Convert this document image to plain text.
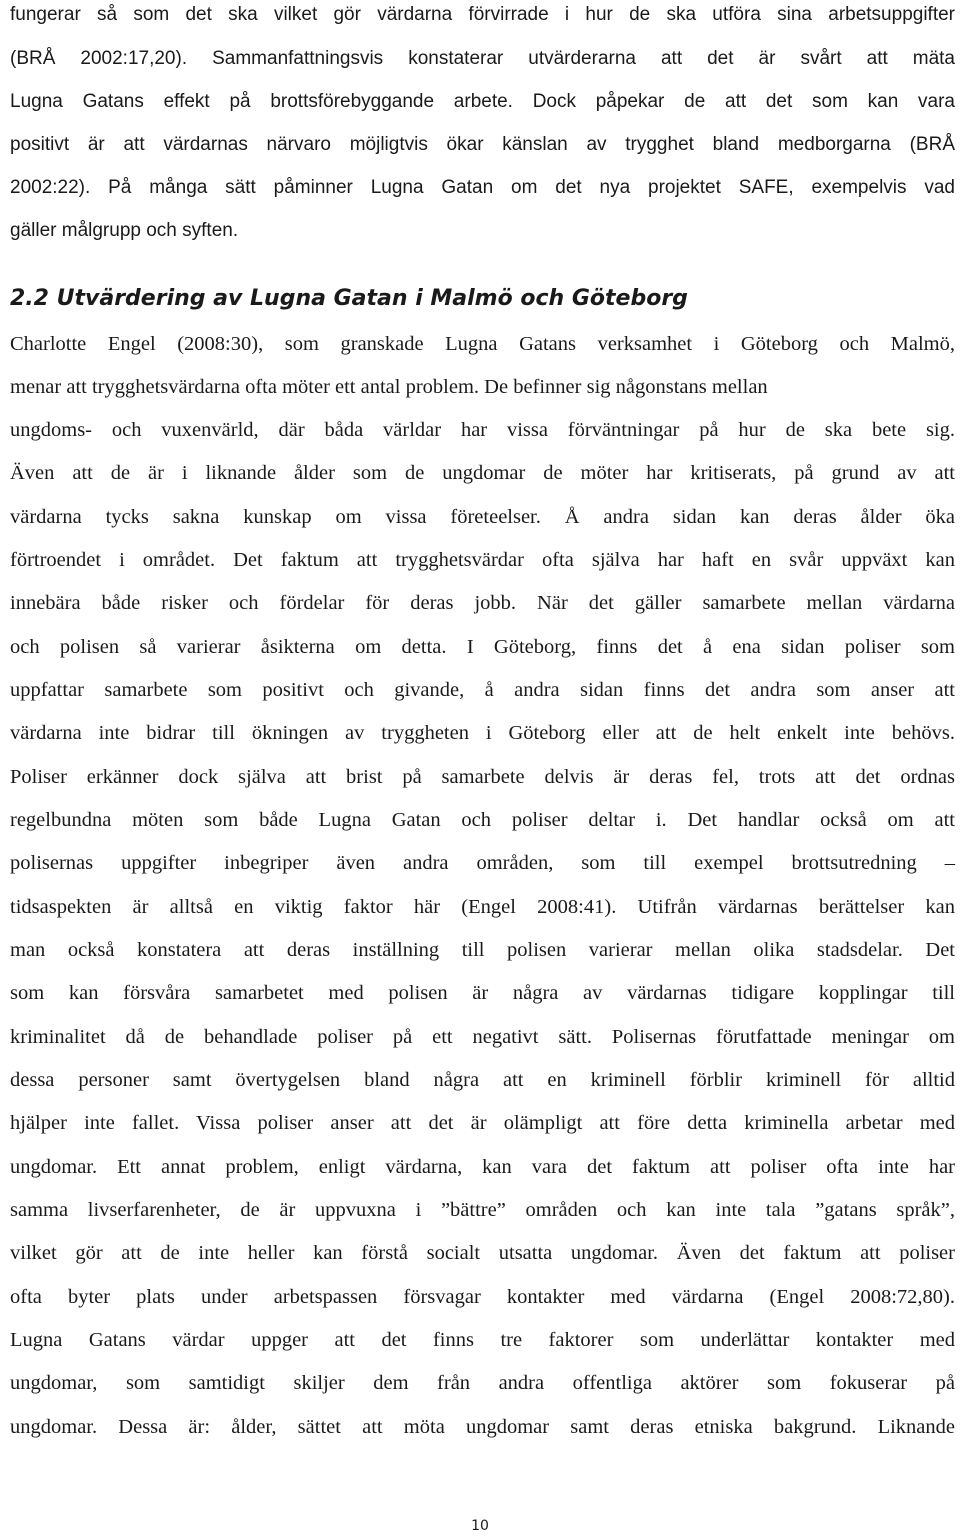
fungerar så som det ska vilket gör värdarna förvirrade i hur de ska utföra sina arbetsuppgifter

(BRÅ 2002:17,20). Sammanfattningsvis konstaterar utvärderarna att det är svårt att mäta

Lugna Gatans effekt på brottsförebyggande arbete. Dock påpekar de att det som kan vara

positivt är att värdarnas närvaro möjligtvis ökar känslan av trygghet bland medborgarna (BRÅ

2002:22). På många sätt påminner Lugna Gatan om det nya projektet SAFE, exempelvis vad

gäller målgrupp och syften.

2.2 Utvärdering av Lugna Gatan i Malmö och Göteborg

Charlotte Engel (2008:30), som granskade Lugna Gatans verksamhet i Göteborg och Malmö,

menar att trygghetsvärdarna ofta möter ett antal problem. De befinner sig någonstans mellan

ungdoms- och vuxenvärld, där båda världar har vissa förväntningar på hur de ska bete sig.

Även att de är i liknande ålder som de ungdomar de möter har kritiserats, på grund av att

värdarna tycks sakna kunskap om vissa företeelser. Å andra sidan kan deras ålder öka

förtroendet i området. Det faktum att trygghetsvärdar ofta själva har haft en svår uppväxt kan

innebära både risker och fördelar för deras jobb. När det gäller samarbete mellan värdarna

och polisen så varierar åsikterna om detta. I Göteborg, finns det å ena sidan poliser som

uppfattar samarbete som positivt och givande, å andra sidan finns det andra som anser att

värdarna inte bidrar till ökningen av tryggheten i Göteborg eller att de helt enkelt inte behövs.

Poliser erkänner dock själva att brist på samarbete delvis är deras fel, trots att det ordnas

regelbundna möten som både Lugna Gatan och poliser deltar i. Det handlar också om att

polisernas uppgifter inbegriper även andra områden, som till exempel brottsutredning –

tidsaspekten är alltså en viktig faktor här (Engel 2008:41). Utifrån värdarnas berättelser kan

man också konstatera att deras inställning till polisen varierar mellan olika stadsdelar. Det

som kan försvåra samarbetet med polisen är några av värdarnas tidigare kopplingar till

kriminalitet då de behandlade poliser på ett negativt sätt. Polisernas förutfattade meningar om

dessa personer samt övertygelsen bland några att en kriminell förblir kriminell för alltid

hjälper inte fallet. Vissa poliser anser att det är olämpligt att före detta kriminella arbetar med

ungdomar. Ett annat problem, enligt värdarna, kan vara det faktum att poliser ofta inte har

samma livserfarenheter, de är uppvuxna i ”bättre” områden och kan inte tala ”gatans språk”,

vilket gör att de inte heller kan förstå socialt utsatta ungdomar. Även det faktum att poliser

ofta byter plats under arbetspassen försvagar kontakter med värdarna (Engel 2008:72,80).

Lugna Gatans värdar uppger att det finns tre faktorer som underlättar kontakter med

ungdomar, som samtidigt skiljer dem från andra offentliga aktörer som fokuserar på

ungdomar. Dessa är: ålder, sättet att möta ungdomar samt deras etniska bakgrund. Liknande

10
